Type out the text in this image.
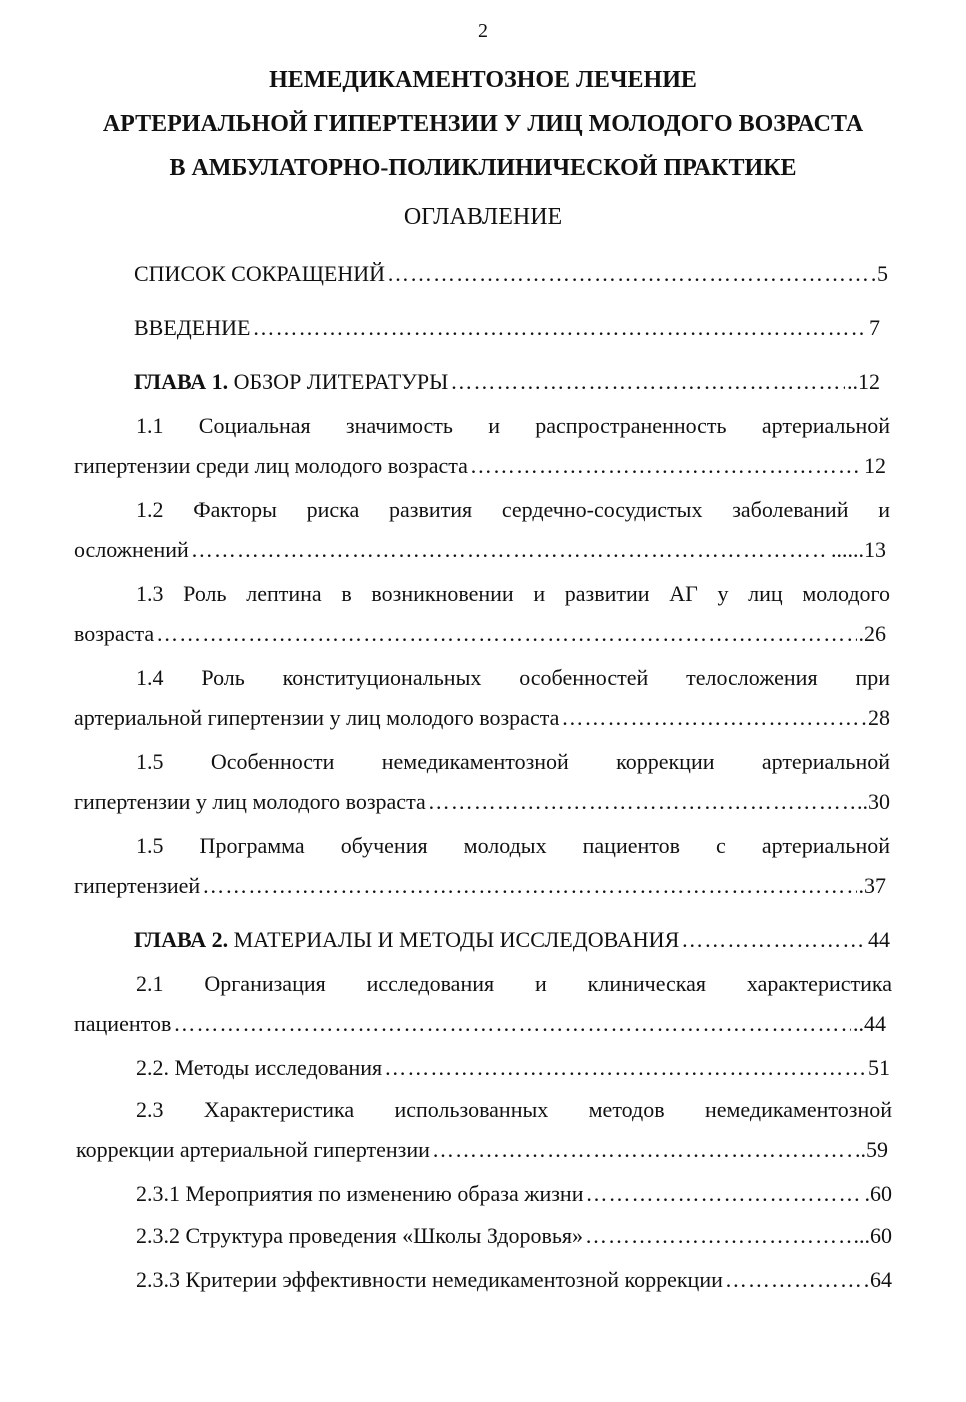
2
НЕМЕДИКАМЕНТОЗНОЕ ЛЕЧЕНИЕ
АРТЕРИАЛЬНОЙ ГИПЕРТЕНЗИИ У ЛИЦ МОЛОДОГО ВОЗРАСТА
В АМБУЛАТОРНО-ПОЛИКЛИНИЧЕСКОЙ ПРАКТИКЕ
ОГЛАВЛЕНИЕ
СПИСОК СОКРАЩЕНИЙ …………………………………………………………………………………………………………………………………………………………………………	5
ВВЕДЕНИЕ …………………………………………………………………………………………………………………………………………………………………………	7
ГЛАВА 1.
ОБЗОР ЛИТЕРАТУРЫ …………………………………………………………………………………………………………………………………………………………………………	..12
1.1 Социальная значимость и распространенность артериальной
гипертензии среди лиц молодого возраста …………………………………………………………………………………………………………………………………………………………………………	12
1.2 Факторы риска развития сердечно-сосудистых заболеваний и
осложнений …………………………………………………………………………………………………………………………………………………………………………	......13
1.3 Роль лептина в возникновении и развитии АГ у лиц молодого
возраста …………………………………………………………………………………………………………………………………………………………………………	.26
1.4 Роль конституциональных особенностей телосложения при
артериальной гипертензии у лиц молодого возраста …………………………………………………………………………………………………………………………………………………………………………	28
1.5 Особенности немедикаментозной коррекции артериальной
гипертензии у лиц молодого возраста …………………………………………………………………………………………………………………………………………………………………………	..30
1.5 Программа обучения молодых пациентов с артериальной
гипертензией …………………………………………………………………………………………………………………………………………………………………………	.37
ГЛАВА 2.
МАТЕРИАЛЫ И МЕТОДЫ ИССЛЕДОВАНИЯ …………………………………………………………………………………………………………………………………………………………………………	44
2.1 Организация исследования и клиническая характеристика
пациентов …………………………………………………………………………………………………………………………………………………………………………	..44
2.2. Методы исследования …………………………………………………………………………………………………………………………………………………………………………	51
2.3 Характеристика использованных методов немедикаментозной
коррекции артериальной гипертензии …………………………………………………………………………………………………………………………………………………………………………	..59
2.3.1 Мероприятия по изменению образа жизни …………………………………………………………………………………………………………………………………………………………………………	.60
2.3.2 Структура проведения «Школы Здоровья» …………………………………………………………………………………………………………………………………………………………………………	...60
2.3.3 Критерии эффективности немедикаментозной коррекции …………………………………………………………………………………………………………………………………………………………………………	64
